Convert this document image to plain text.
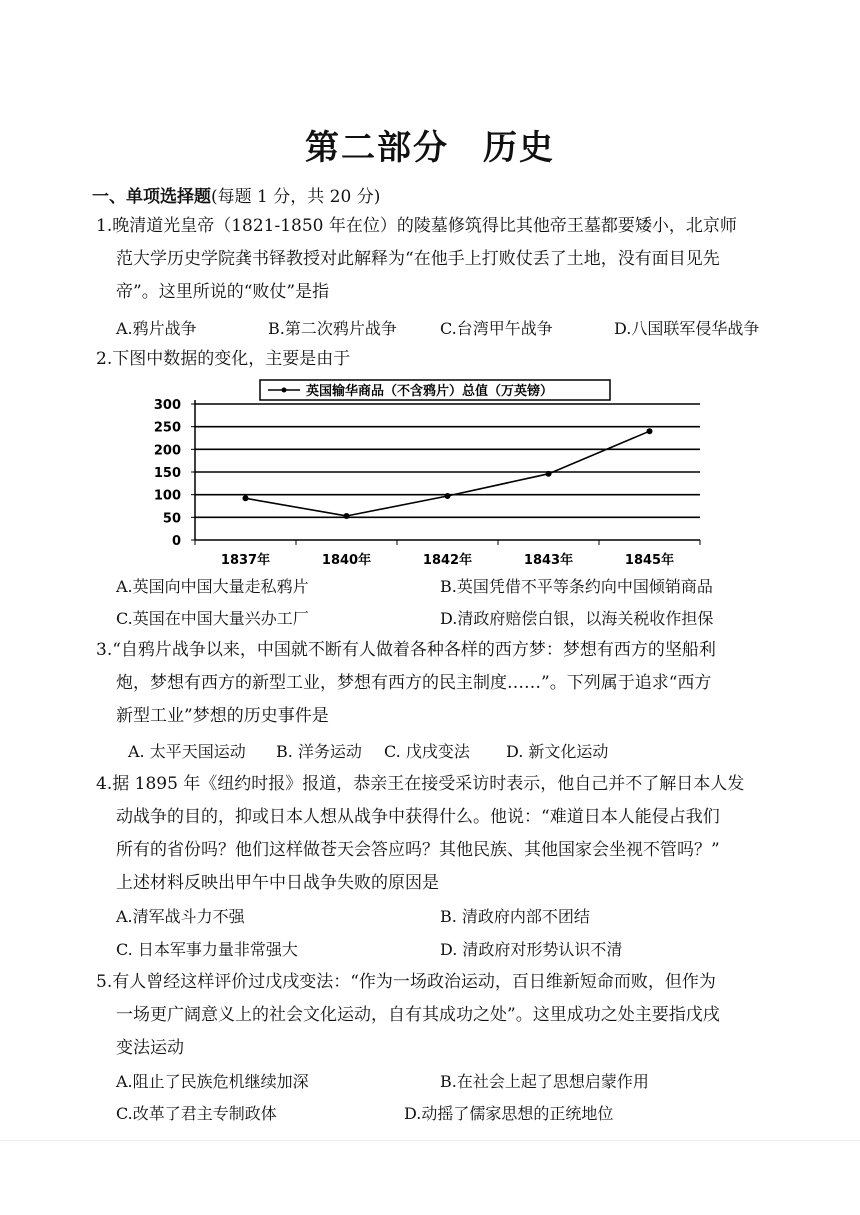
第二部分 历史
一、单项选择题(每题 1 分，共 20 分)
1.晚清道光皇帝（1821-1850 年在位）的陵墓修筑得比其他帝王墓都要矮小，北京师
范大学历史学院龚书铎教授对此解释为“在他手上打败仗丢了土地，没有面目见先
帝”。这里所说的“败仗”是指
A.鸦片战争	B.第二次鸦片战争	C.台湾甲午战争	D.八国联军侵华战争
2.下图中数据的变化，主要是由于
0
50
100
150
200
250
300
1837年	1840年	1842年	1843年	1845年
英国输华商品（不含鸦片）总值（万英镑）
A.英国向中国大量走私鸦片	B.英国凭借不平等条约向中国倾销商品
C.英国在中国大量兴办工厂	D.清政府赔偿白银，以海关税收作担保
3.“自鸦片战争以来，中国就不断有人做着各种各样的西方梦：梦想有西方的坚船利
炮，梦想有西方的新型工业，梦想有西方的民主制度……”。下列属于追求“西方
新型工业”梦想的历史事件是
A. 太平天国运动 B. 洋务运动 C. 戊戌变法 D. 新文化运动
4.据 1895 年《纽约时报》报道，恭亲王在接受采访时表示，他自己并不了解日本人发
动战争的目的，抑或日本人想从战争中获得什么。他说：“难道日本人能侵占我们
所有的省份吗？他们这样做苍天会答应吗？其他民族、其他国家会坐视不管吗？”
上述材料反映出甲午中日战争失败的原因是
A.清军战斗力不强	B. 清政府内部不团结
C. 日本军事力量非常强大	D. 清政府对形势认识不清
5.有人曾经这样评价过戊戌变法：“作为一场政治运动，百日维新短命而败，但作为
一场更广阔意义上的社会文化运动，自有其成功之处”。这里成功之处主要指戊戌
变法运动
A.阻止了民族危机继续加深	B.在社会上起了思想启蒙作用
C.改革了君主专制政体	D.动摇了儒家思想的正统地位
